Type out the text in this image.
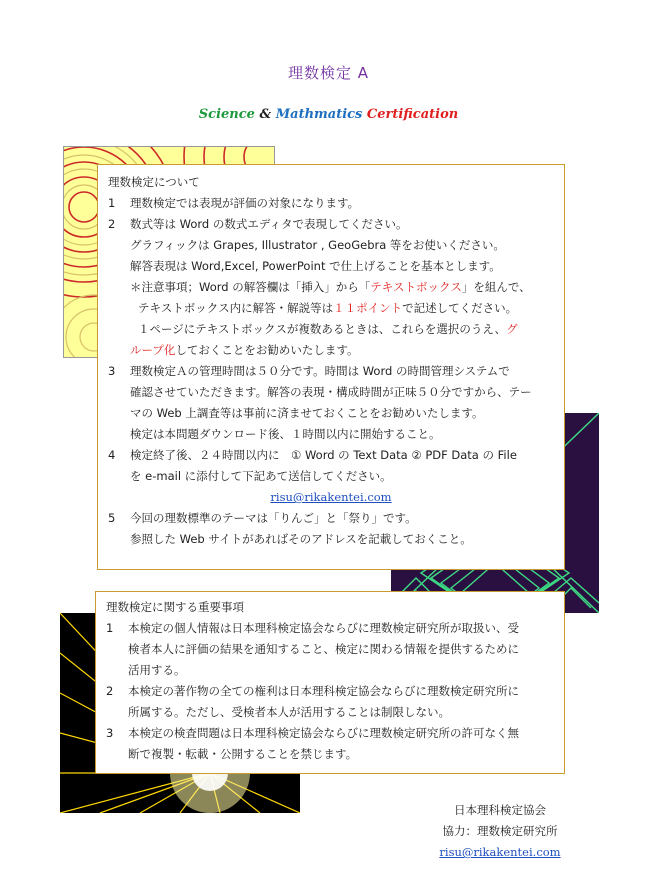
理数検定 A
Science & Mathmatics Certification
理数検定について
1	理数検定では表現が評価の対象になります。
2	数式等は Word の数式エディタで表現してください。
グラフィックは Grapes, Illustrator , GeoGebra 等をお使いください。
解答表現は Word,Excel, PowerPoint で仕上げることを基本とします。
＊注意事項；Word の解答欄は「挿入」から「テキストボックス」を組んで、
テキストボックス内に解答・解説等は１１ポイントで記述してください。
１ページにテキストボックスが複数あるときは、これらを選択のうえ、グ
ループ化しておくことをお勧めいたします。
3	理数検定Ａの管理時間は５０分です。時間は Word の時間管理システムで
確認させていただきます。解答の表現・構成時間が正味５０分ですから、テー
マの Web 上調査等は事前に済ませておくことをお勧めいたします。
検定は本問題ダウンロード後、１時間以内に開始すること。
4	検定終了後、２４時間以内に　① Word の Text Data ② PDF Data の File
を e-mail に添付して下記あて送信してください。
risu@rikakentei.com
5	今回の理数標準のテーマは「りんご」と「祭り」です。
参照した Web サイトがあればそのアドレスを記載しておくこと。
理数検定に関する重要事項
1	本検定の個人情報は日本理科検定協会ならびに理数検定研究所が取扱い、受
検者本人に評価の結果を通知すること、検定に関わる情報を提供するために
活用する。
2	本検定の著作物の全ての権利は日本理科検定協会ならびに理数検定研究所に
所属する。ただし、受検者本人が活用することは制限しない。
3	本検定の検査問題は日本理科検定協会ならびに理数検定研究所の許可なく無
断で複製・転載・公開することを禁じます。
日本理科検定協会
協力：理数検定研究所
risu@rikakentei.com
